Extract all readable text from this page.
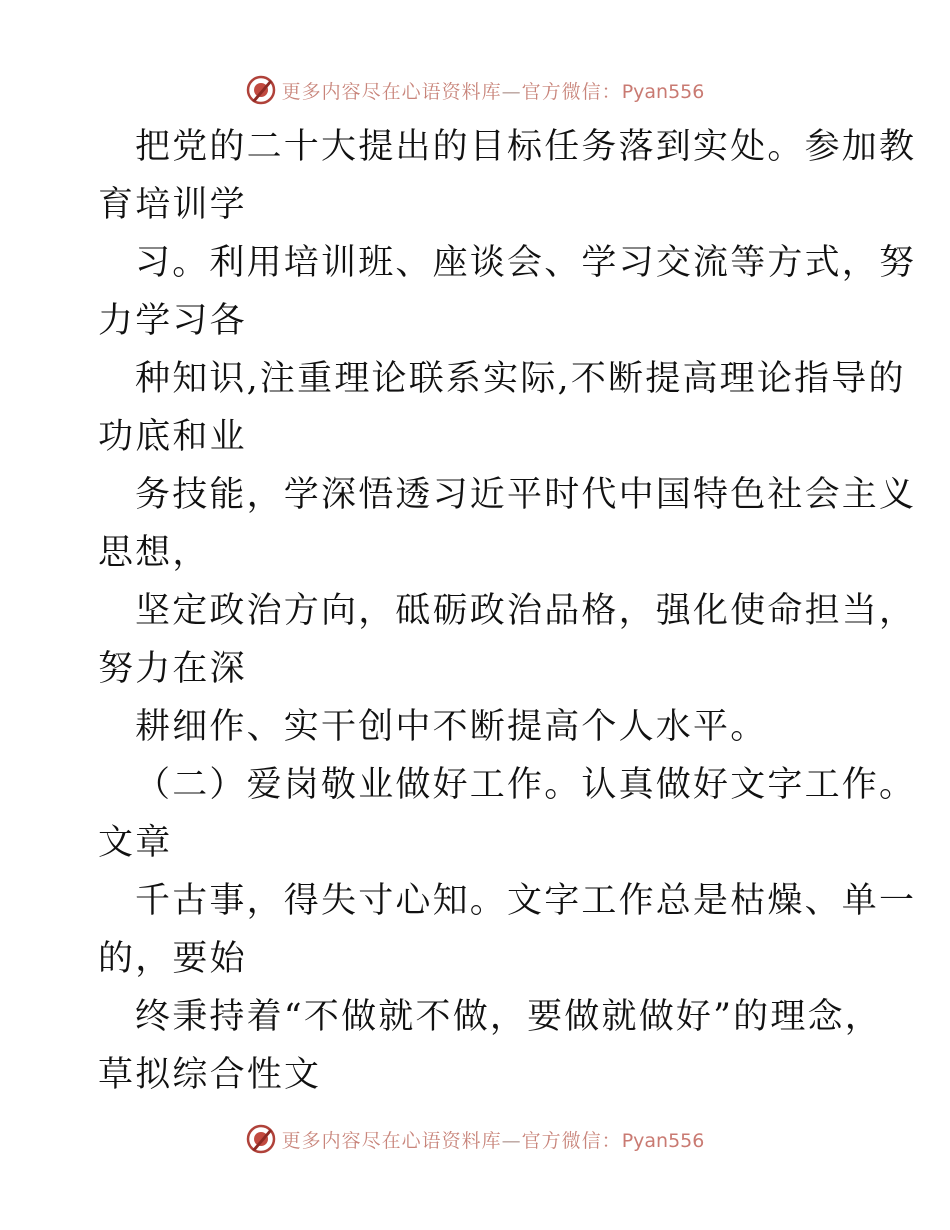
更多内容尽在心语资料库—官方微信：Pyan556
把党的二十大提出的目标任务落到实处。参加教
育培训学
习。利用培训班、座谈会、学习交流等方式，努
力学习各
种知识,注重理论联系实际,不断提高理论指导的
功底和业
务技能，学深悟透习近平时代中国特色社会主义
思想，
坚定政治方向，砥砺政治品格，强化使命担当，
努力在深
耕细作、实干创中不断提高个人水平。
（二）爱岗敬业做好工作。认真做好文字工作。
文章
千古事，得失寸心知。文字工作总是枯燥、单一
的，要始
终秉持着“不做就不做，要做就做好”的理念，
草拟综合性文
更多内容尽在心语资料库—官方微信：Pyan556
